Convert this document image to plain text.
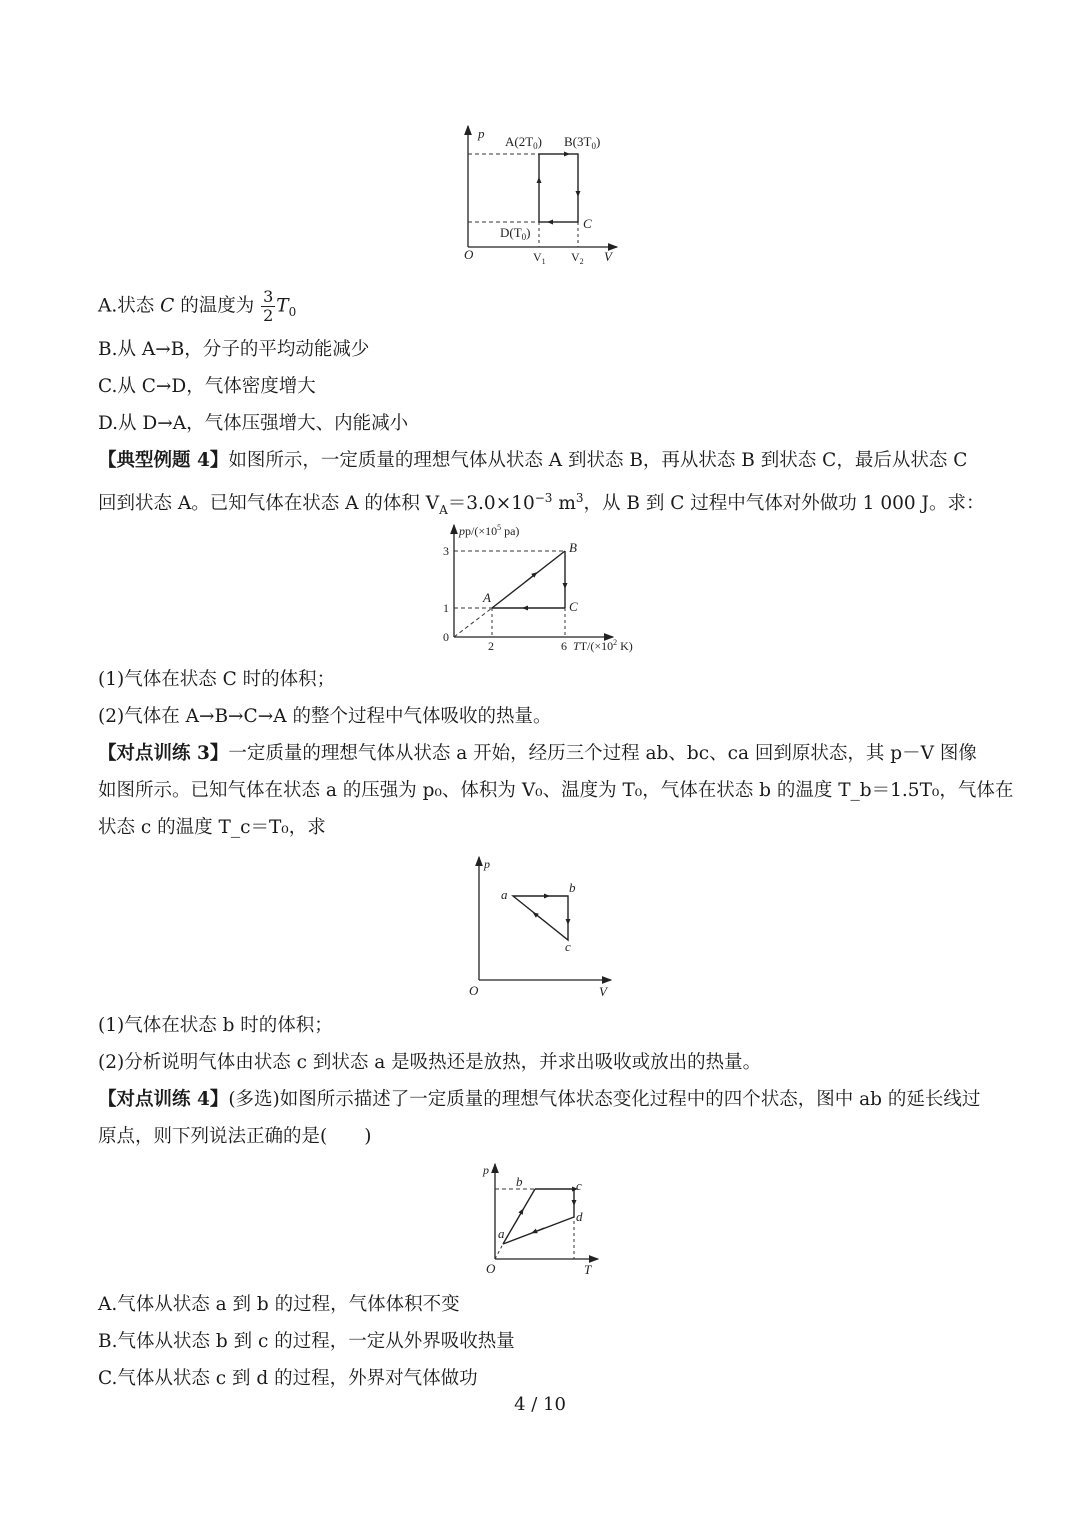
p
$A(2T_0)$ $B(3T_0)$
C
$D(T_0)$
O	$V_1$ $V_2$ V
A.状态 C 的温度为 $\frac{3}{2} T_0$
B.从 A→B，分子的平均动能减少
C.从 C→D，气体密度增大
D.从 D→A，气体压强增大、内能减小
【典型例题 4】如图所示，一定质量的理想气体从状态 A 到状态 B，再从状态 B 到状态 C，最后从状态 C
回到状态 A。已知气体在状态 A 的体积 $V_A=3.0\times 10^{-3}$ $m^3$，从 B 到 C 过程中气体对外做功 1 000 J。求：
$pp/(\times 10^5$ pa)
3
1
0
2	6 $TT/(\times 10^2$ K)
A
B
C
(1)气体在状态 C 时的体积；
(2)气体在 A→B→C→A 的整个过程中气体吸收的热量。
【对点训练 3】一定质量的理想气体从状态 a 开始，经历三个过程 ab、bc、ca 回到原状态，其 p－V 图像
如图所示。已知气体在状态 a 的压强为 p₀、体积为 V₀、温度为 T₀，气体在状态 b 的温度 T_b＝1.5T₀，气体在
状态 c 的温度 T_c＝T₀，求
p
a	b
c
O	V
(1)气体在状态 b 时的体积；
(2)分析说明气体由状态 c 到状态 a 是吸热还是放热，并求出吸收或放出的热量。
【对点训练 4】(多选)如图所示描述了一定质量的理想气体状态变化过程中的四个状态，图中 ab 的延长线过
原点，则下列说法正确的是(　　)
p
a
b	c
d
O	T
A.气体从状态 a 到 b 的过程，气体体积不变
B.气体从状态 b 到 c 的过程，一定从外界吸收热量
C.气体从状态 c 到 d 的过程，外界对气体做功
4 / 10
